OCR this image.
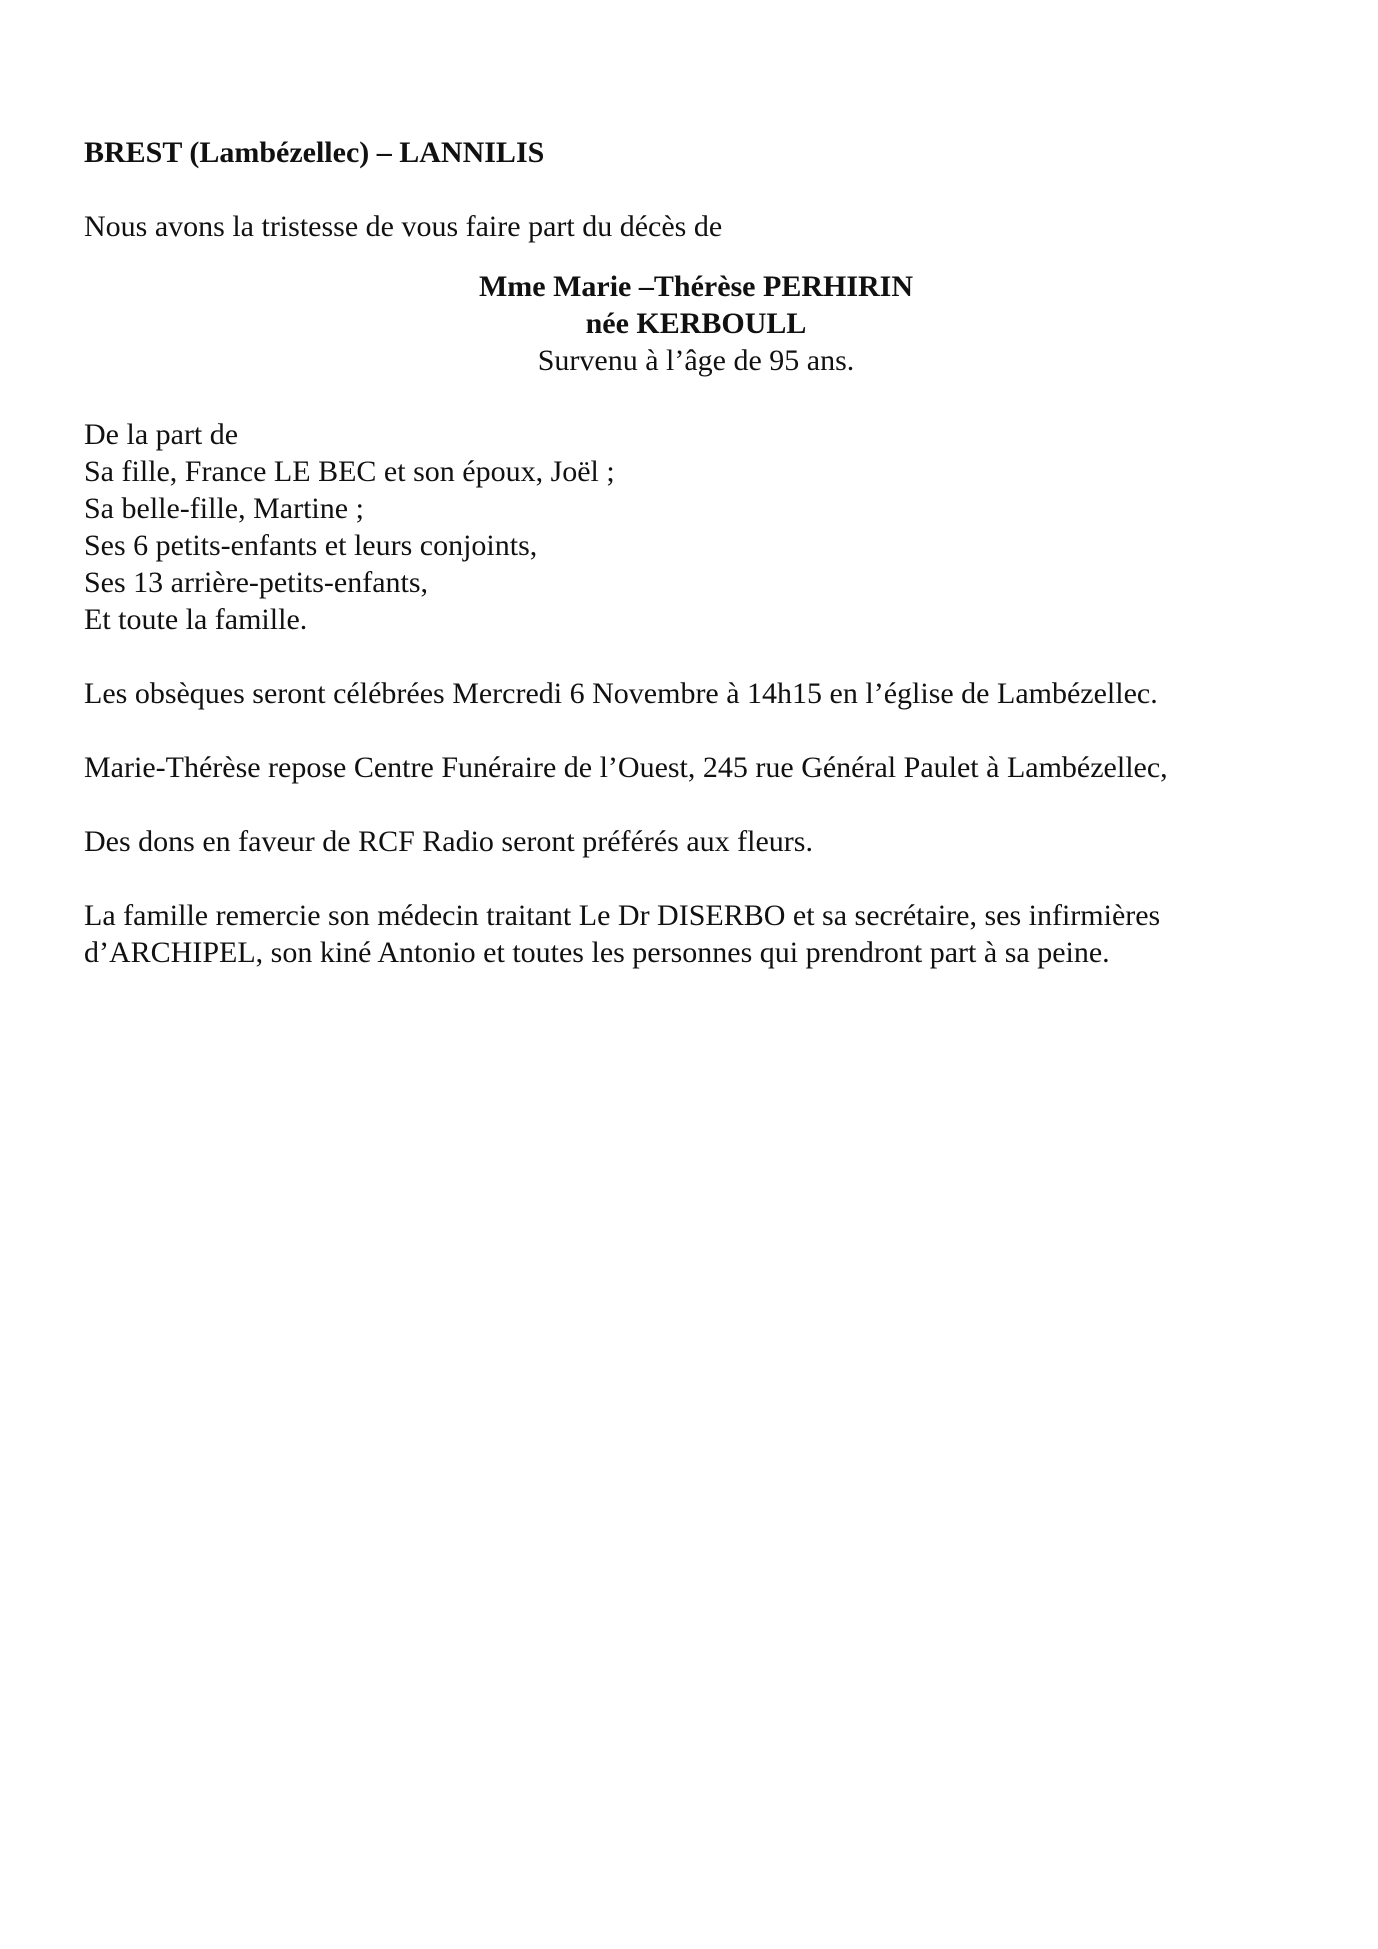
BREST (Lambézellec) – LANNILIS

Nous avons la tristesse de vous faire part du décès de

Mme Marie –Thérèse PERHIRIN
née KERBOULL
Survenu à l’âge de 95 ans.
De la part de
Sa fille, France LE BEC et son époux, Joël ;
Sa belle-fille, Martine ;
Ses 6 petits-enfants et leurs conjoints,
Ses 13 arrière-petits-enfants,
Et toute la famille.

Les obsèques seront célébrées Mercredi 6 Novembre à 14h15 en l’église de Lambézellec.

Marie-Thérèse repose Centre Funéraire de l’Ouest, 245 rue Général Paulet à Lambézellec,

Des dons en faveur de RCF Radio seront préférés aux fleurs.

La famille remercie son médecin traitant Le Dr DISERBO et sa secrétaire, ses infirmières d’ARCHIPEL, son kiné Antonio et toutes les personnes qui prendront part à sa peine.
